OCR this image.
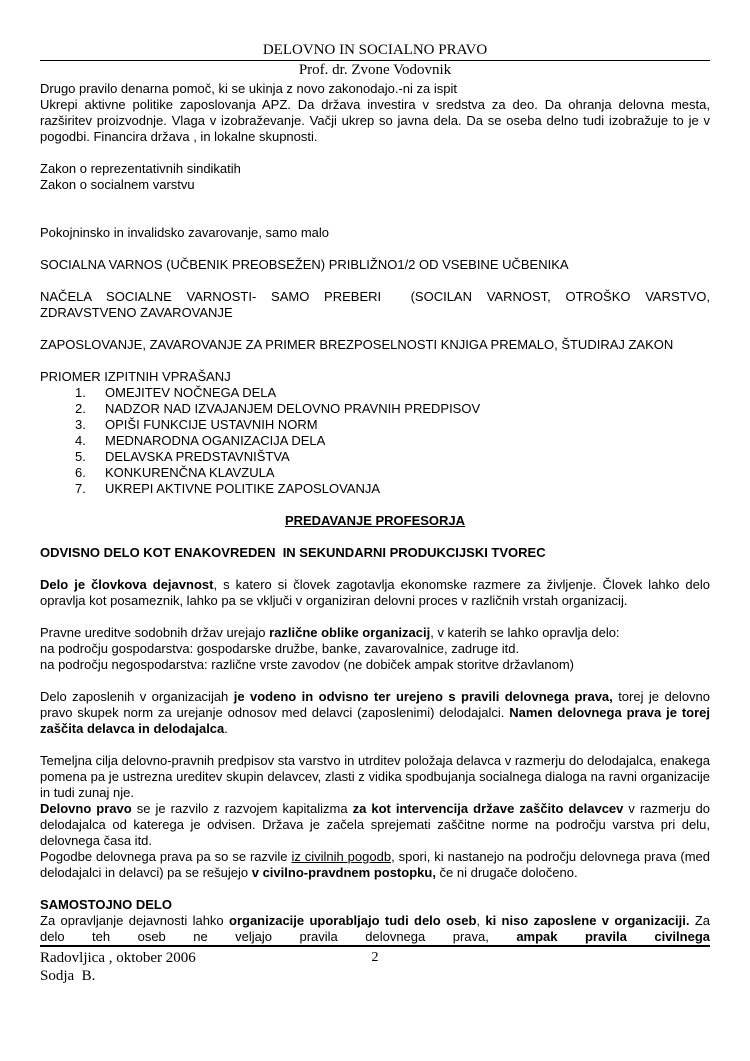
DELOVNO IN SOCIALNO PRAVO
Prof. dr. Zvone Vodovnik

Drugo pravilo denarna pomoč, ki se ukinja z novo zakonodajo.-ni za ispit

Ukrepi aktivne politike zaposlovanja APZ. Da država investira v sredstva za deo. Da ohranja delovna mesta, razširitev proizvodnje. Vlaga v izobraževanje. Vačji ukrep so javna dela. Da se oseba delno tudi izobražuje to je v pogodbi. Financira država , in lokalne skupnosti.

Zakon o reprezentativnih sindikatih

Zakon o socialnem varstvu

Pokojninsko in invalidsko zavarovanje, samo malo

SOCIALNA VARNOS (UČBENIK PREOBSEŽEN) PRIBLIŽNO1/2 OD VSEBINE UČBENIKA

NAČELA SOCIALNE VARNOSTI- SAMO PREBERI  (SOCILAN VARNOST, OTROŠKO VARSTVO, ZDRAVSTVENO ZAVAROVANJE

ZAPOSLOVANJE, ZAVAROVANJE ZA PRIMER BREZPOSELNOSTI KNJIGA PREMALO, ŠTUDIRAJ ZAKON

PRIOMER IZPITNIH VPRAŠANJ

1.	OMEJITEV NOČNEGA DELA
2.	NADZOR NAD IZVAJANJEM DELOVNO PRAVNIH PREDPISOV
3.	OPIŠI FUNKCIJE USTAVNIH NORM
4.	MEDNARODNA OGANIZACIJA DELA
5.	DELAVSKA PREDSTAVNIŠTVA
6.	KONKURENČNA KLAVZULA
7.	UKREPI AKTIVNE POLITIKE ZAPOSLOVANJA
PREDAVANJE PROFESORJA

ODVISNO DELO KOT ENAKOVREDEN  IN SEKUNDARNI PRODUKCIJSKI TVOREC

Delo je človkova dejavnost, s katero si človek zagotavlja ekonomske razmere za življenje. Človek lahko delo opravlja kot posameznik, lahko pa se vključi v organiziran delovni proces v različnih vrstah organizacij.

Pravne ureditve sodobnih držav urejajo različne oblike organizacij, v katerih se lahko opravlja delo:

na področju gospodarstva: gospodarske družbe, banke, zavarovalnice, zadruge itd.

na področju negospodarstva: različne vrste zavodov (ne dobiček ampak storitve državlanom)

Delo zaposlenih v organizacijah je vodeno in odvisno ter urejeno s pravili delovnega prava, torej je delovno pravo skupek norm za urejanje odnosov med delavci (zaposlenimi) delodajalci. Namen delovnega prava je torej zaščita delavca in delodajalca.

Temeljna cilja delovno-pravnih predpisov sta varstvo in utrditev položaja delavca v razmerju do delodajalca, enakega pomena pa je ustrezna ureditev skupin delavcev, zlasti z vidika spodbujanja socialnega dialoga na ravni organizacije in tudi zunaj nje.

Delovno pravo se je razvilo z razvojem kapitalizma za kot intervencija države zaščito delavcev v razmerju do delodajalca od katerega je odvisen. Država je začela sprejemati zaščitne norme na področju varstva pri delu, delovnega časa itd.

Pogodbe delovnega prava pa so se razvile iz civilnih pogodb, spori, ki nastanejo na področju delovnega prava (med delodajalci in delavci) pa se rešujejo v civilno-pravdnem postopku, če ni drugače določeno.

SAMOSTOJNO DELO

Za opravljanje dejavnosti lahko organizacije uporabljajo tudi delo oseb, ki niso zaposlene v organizaciji. Za delo teh oseb ne veljajo pravila delovnega prava, ampak pravila civilnega

Radovljica , oktober 2006	2
Sodja  B.
